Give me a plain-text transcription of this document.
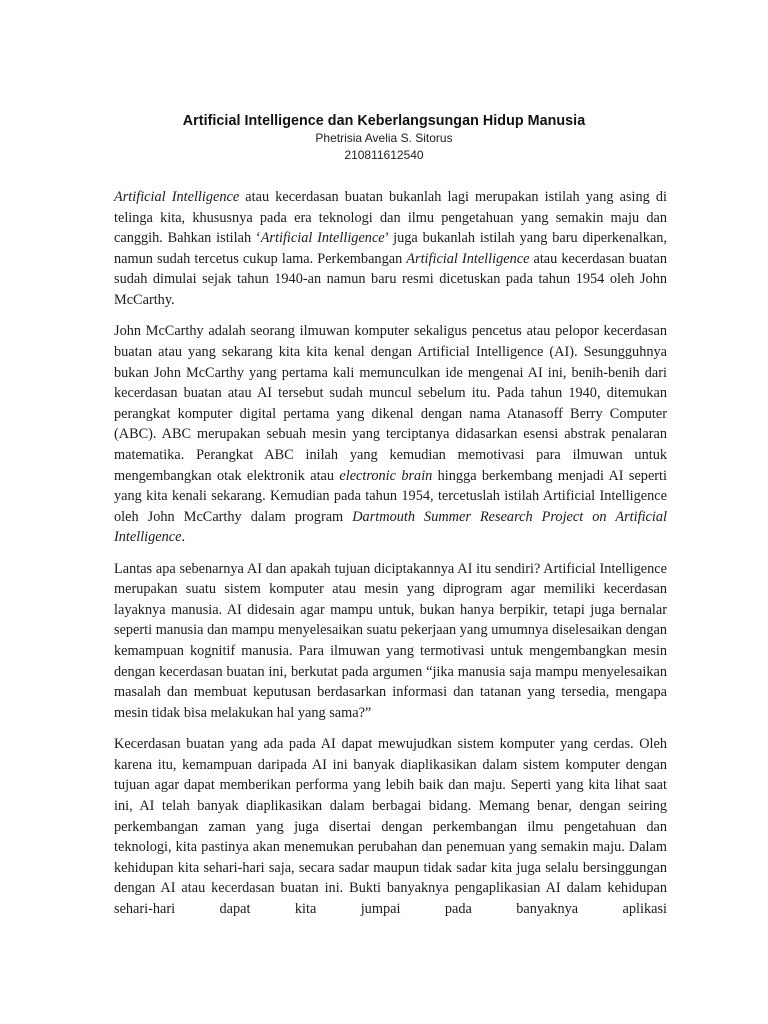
Artificial Intelligence dan Keberlangsungan Hidup Manusia
Phetrisia Avelia S. Sitorus
210811612540

Artificial Intelligence atau kecerdasan buatan bukanlah lagi merupakan istilah yang asing di telinga kita, khususnya pada era teknologi dan ilmu pengetahuan yang semakin maju dan canggih. Bahkan istilah ‘Artificial Intelligence’ juga bukanlah istilah yang baru diperkenalkan, namun sudah tercetus cukup lama. Perkembangan Artificial Intelligence atau kecerdasan buatan sudah dimulai sejak tahun 1940-an namun baru resmi dicetuskan pada tahun 1954 oleh John McCarthy.

John McCarthy adalah seorang ilmuwan komputer sekaligus pencetus atau pelopor kecerdasan buatan atau yang sekarang kita kita kenal dengan Artificial Intelligence (AI). Sesungguhnya bukan John McCarthy yang pertama kali memunculkan ide mengenai AI ini, benih-benih dari kecerdasan buatan atau AI tersebut sudah muncul sebelum itu. Pada tahun 1940, ditemukan perangkat komputer digital pertama yang dikenal dengan nama Atanasoff Berry Computer (ABC). ABC merupakan sebuah mesin yang terciptanya didasarkan esensi abstrak penalaran matematika. Perangkat ABC inilah yang kemudian memotivasi para ilmuwan untuk mengembangkan otak elektronik atau electronic brain hingga berkembang menjadi AI seperti yang kita kenali sekarang. Kemudian pada tahun 1954, tercetuslah istilah Artificial Intelligence oleh John McCarthy dalam program Dartmouth Summer Research Project on Artificial Intelligence.

Lantas apa sebenarnya AI dan apakah tujuan diciptakannya AI itu sendiri? Artificial Intelligence merupakan suatu sistem komputer atau mesin yang diprogram agar memiliki kecerdasan layaknya manusia. AI didesain agar mampu untuk, bukan hanya berpikir, tetapi juga bernalar seperti manusia dan mampu menyelesaikan suatu pekerjaan yang umumnya diselesaikan dengan kemampuan kognitif manusia. Para ilmuwan yang termotivasi untuk mengembangkan mesin dengan kecerdasan buatan ini, berkutat pada argumen “jika manusia saja mampu menyelesaikan masalah dan membuat keputusan berdasarkan informasi dan tatanan yang tersedia, mengapa mesin tidak bisa melakukan hal yang sama?”

Kecerdasan buatan yang ada pada AI dapat mewujudkan sistem komputer yang cerdas. Oleh karena itu, kemampuan daripada AI ini banyak diaplikasikan dalam sistem komputer dengan tujuan agar dapat memberikan performa yang lebih baik dan maju. Seperti yang kita lihat saat ini, AI telah banyak diaplikasikan dalam berbagai bidang. Memang benar, dengan seiring perkembangan zaman yang juga disertai dengan perkembangan ilmu pengetahuan dan teknologi, kita pastinya akan menemukan perubahan dan penemuan yang semakin maju. Dalam kehidupan kita sehari-hari saja, secara sadar maupun tidak sadar kita juga selalu bersinggungan dengan AI atau kecerdasan buatan ini. Bukti banyaknya pengaplikasian AI dalam kehidupan sehari-hari dapat kita jumpai pada banyaknya aplikasi
